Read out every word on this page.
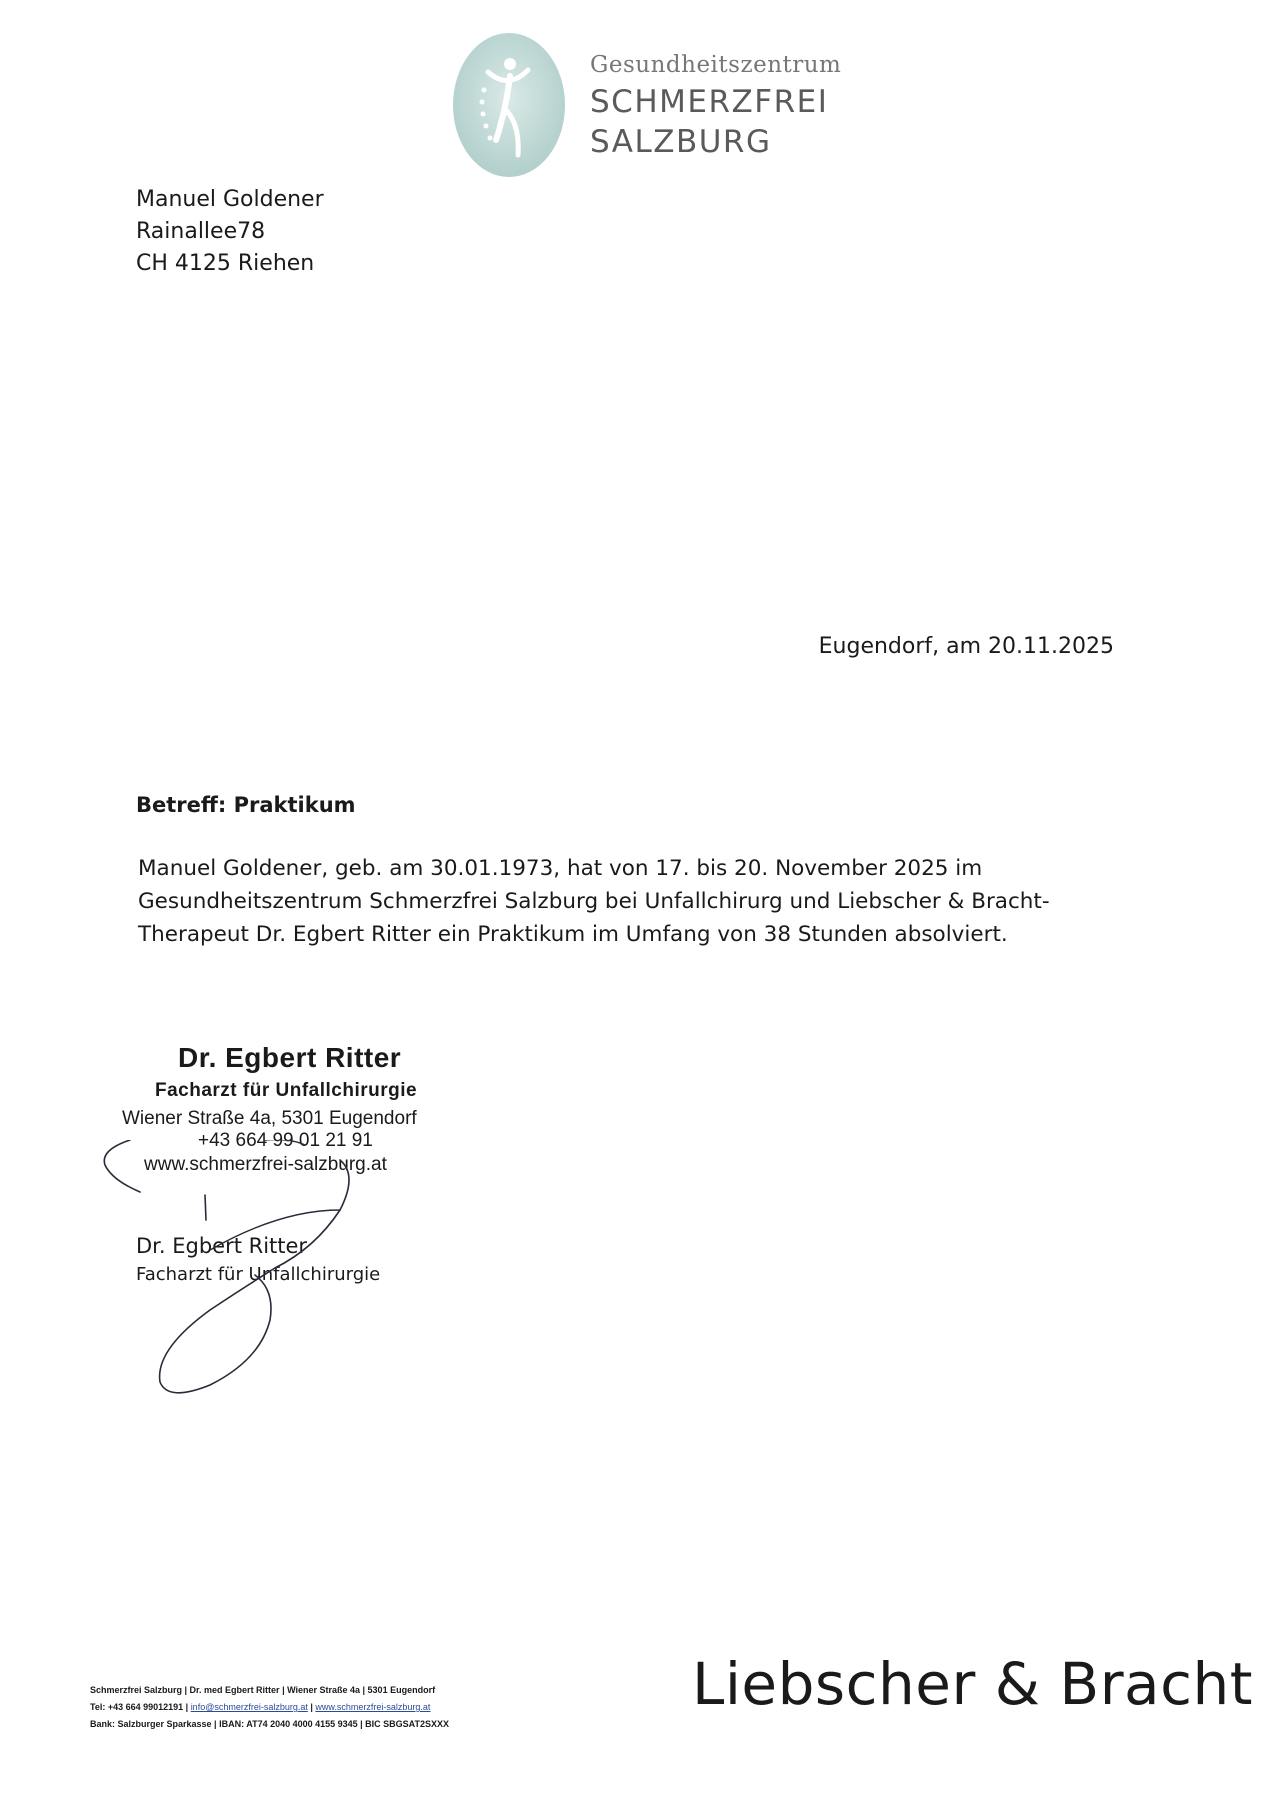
Gesundheitszentrum
SCHMERZFREI
SALZBURG
Manuel Goldener
Rainallee78
CH 4125 Riehen
Eugendorf, am 20.11.2025
Betreff: Praktikum
Manuel Goldener, geb. am 30.01.1973, hat von 17. bis 20. November 2025 im
Gesundheitszentrum Schmerzfrei Salzburg bei Unfallchirurg und Liebscher & Bracht-
Therapeut Dr. Egbert Ritter ein Praktikum im Umfang von 38 Stunden absolviert.
Dr. Egbert Ritter
Facharzt für Unfallchirurgie
Wiener Straße 4a, 5301 Eugendorf
+43 664 99 01 21 91
www.schmerzfrei-salzburg.at
Dr. Egbert Ritter
Facharzt für Unfallchirurgie
Schmerzfrei Salzburg | Dr. med Egbert Ritter | Wiener Straße 4a | 5301 Eugendorf
Tel: +43 664 99012191 | info@schmerzfrei-salzburg.at | www.schmerzfrei-salzburg.at
Bank: Salzburger Sparkasse | IBAN: AT74 2040 4000 4155 9345 | BIC SBGSAT2SXXX
Liebscher & Bracht
